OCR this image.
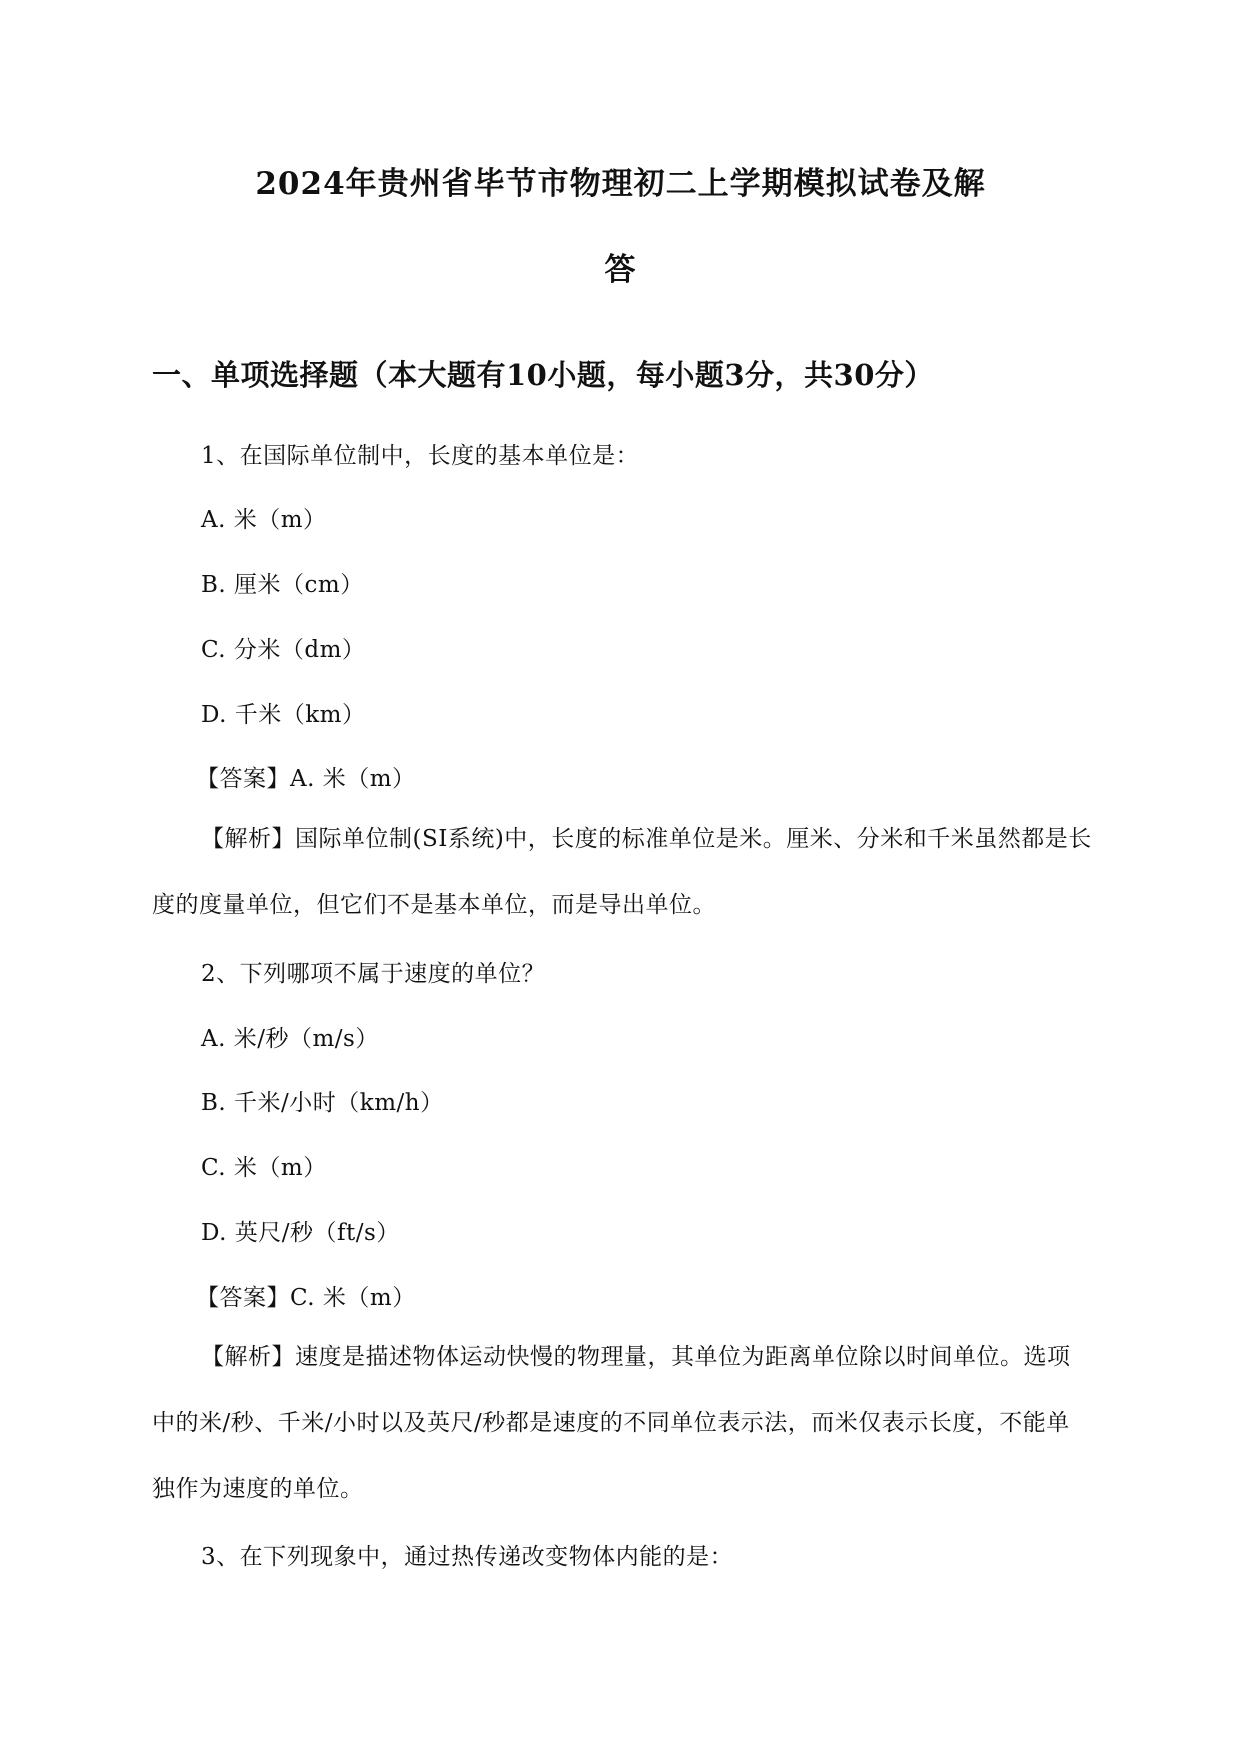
2024年贵州省毕节市物理初二上学期模拟试卷及解
答
一、单项选择题（本大题有10小题，每小题3分，共30分）
1、在国际单位制中，长度的基本单位是：
A. 米（m）
B. 厘米（cm）
C. 分米（dm）
D. 千米（km）
【答案】A. 米（m）
【解析】国际单位制(SI系统)中，长度的标准单位是米。厘米、分米和千米虽然都是长度的度量单位，但它们不是基本单位，而是导出单位。
2、下列哪项不属于速度的单位？
A. 米/秒（m/s）
B. 千米/小时（km/h）
C. 米（m）
D. 英尺/秒（ft/s）
【答案】C. 米（m）
【解析】速度是描述物体运动快慢的物理量，其单位为距离单位除以时间单位。选项中的米/秒、千米/小时以及英尺/秒都是速度的不同单位表示法，而米仅表示长度，不能单独作为速度的单位。
3、在下列现象中，通过热传递改变物体内能的是：
